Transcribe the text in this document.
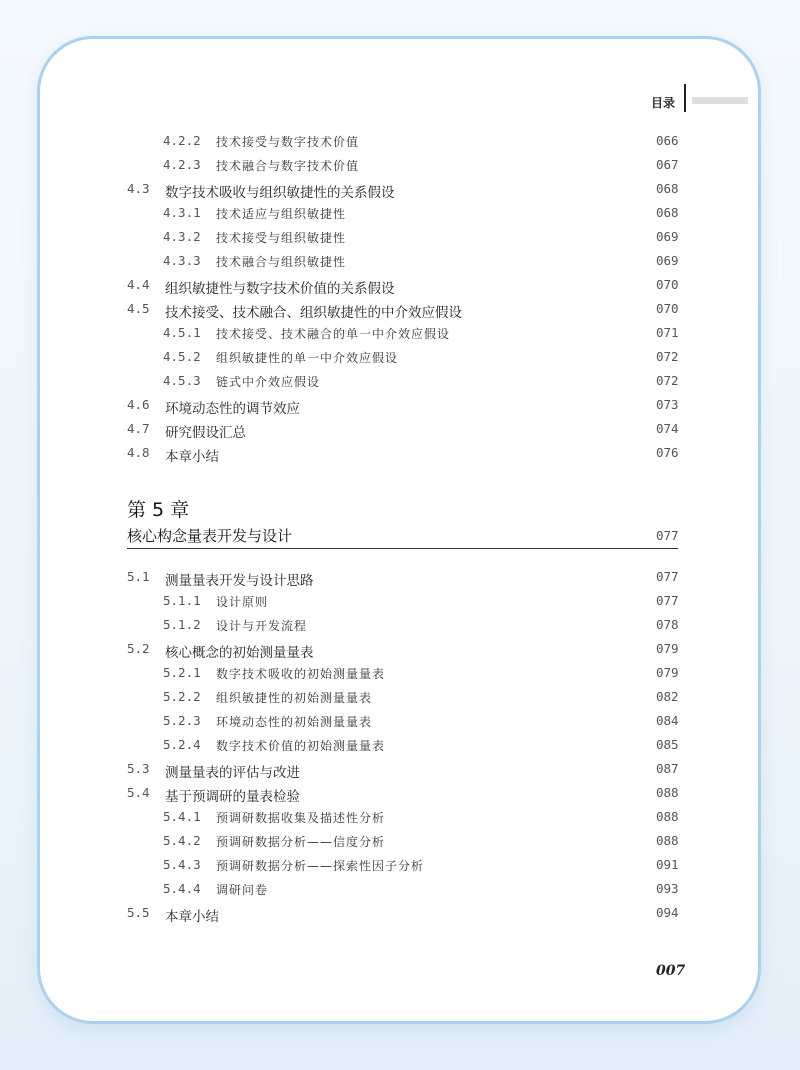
目录
4.2.2 技术接受与数字技术价值	066
4.2.3 技术融合与数字技术价值	067
4.3 数字技术吸收与组织敏捷性的关系假设	068
4.3.1 技术适应与组织敏捷性	068
4.3.2 技术接受与组织敏捷性	069
4.3.3 技术融合与组织敏捷性	069
4.4 组织敏捷性与数字技术价值的关系假设	070
4.5 技术接受、技术融合、组织敏捷性的中介效应假设	070
4.5.1 技术接受、技术融合的单一中介效应假设	071
4.5.2 组织敏捷性的单一中介效应假设	072
4.5.3 链式中介效应假设	072
4.6 环境动态性的调节效应	073
4.7 研究假设汇总	074
4.8 本章小结	076
第 5 章
核心构念量表开发与设计	077
5.1 测量量表开发与设计思路	077
5.1.1 设计原则	077
5.1.2 设计与开发流程	078
5.2 核心概念的初始测量量表	079
5.2.1 数字技术吸收的初始测量量表	079
5.2.2 组织敏捷性的初始测量量表	082
5.2.3 环境动态性的初始测量量表	084
5.2.4 数字技术价值的初始测量量表	085
5.3 测量量表的评估与改进	087
5.4 基于预调研的量表检验	088
5.4.1 预调研数据收集及描述性分析	088
5.4.2 预调研数据分析——信度分析	088
5.4.3 预调研数据分析——探索性因子分析	091
5.4.4 调研问卷	093
5.5 本章小结	094
007
